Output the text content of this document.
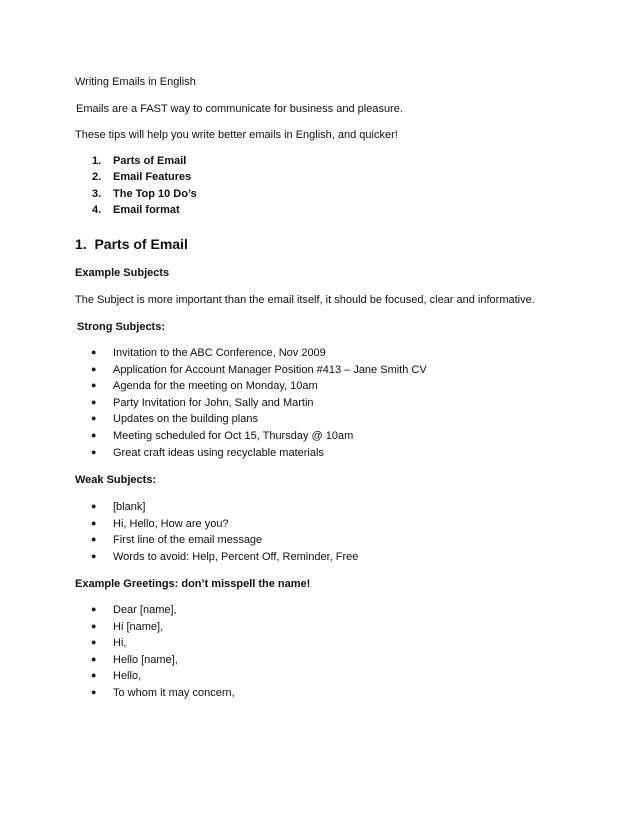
Writing Emails in English

Emails are a FAST way to communicate for business and pleasure.

These tips will help you write better emails in English, and quicker!

1. Parts of Email
2. Email Features
3. The Top 10 Do’s
4. Email format

1. Parts of Email

Example Subjects

The Subject is more important than the email itself, it should be focused, clear and informative.

Strong Subjects:

● Invitation to the ABC Conference, Nov 2009
● Application for Account Manager Position #413 – Jane Smith CV
● Agenda for the meeting on Monday, 10am
● Party Invitation for John, Sally and Martin
● Updates on the building plans
● Meeting scheduled for Oct 15, Thursday @ 10am
● Great craft ideas using recyclable materials

Weak Subjects:

● [blank]
● Hi, Hello, How are you?
● First line of the email message
● Words to avoid: Help, Percent Off, Reminder, Free

Example Greetings: don’t misspell the name!

● Dear [name],
● Hi [name],
● Hi,
● Hello [name],
● Hello,
● To whom it may concern,
